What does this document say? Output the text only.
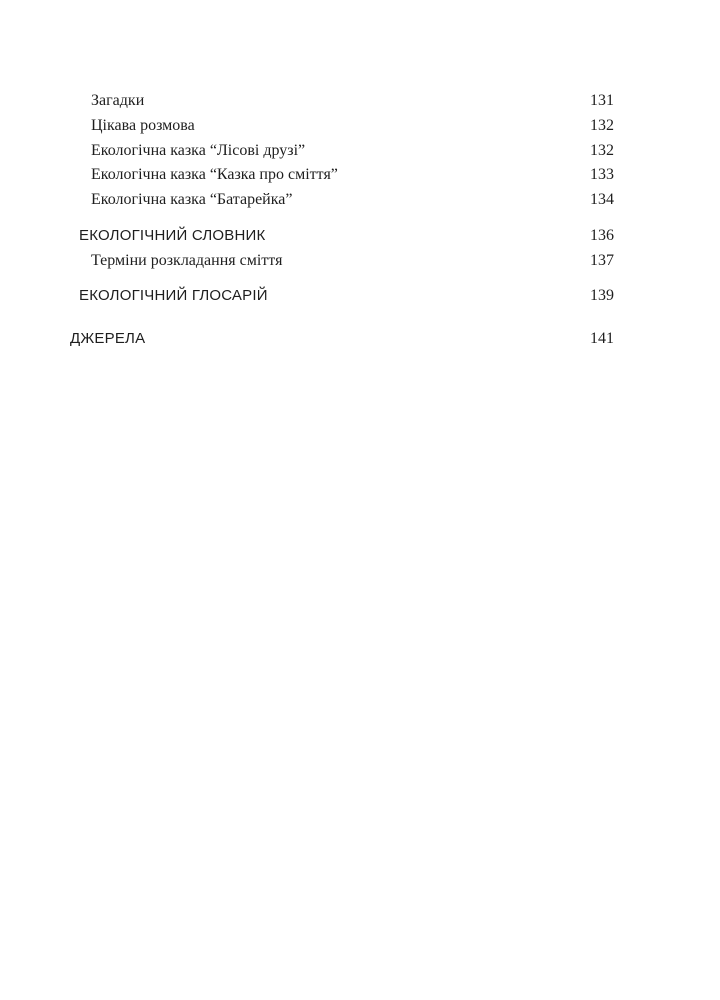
Загадки	131
Цікава розмова	132
Екологічна казка “Лісові друзі”	132
Екологічна казка “Казка про сміття”	133
Екологічна казка “Батарейка”	134
ЕКОЛОГІЧНИЙ СЛОВНИК	136
Терміни розкладання сміття	137
ЕКОЛОГІЧНИЙ ГЛОСАРІЙ	139
ДЖЕРЕЛА	141
